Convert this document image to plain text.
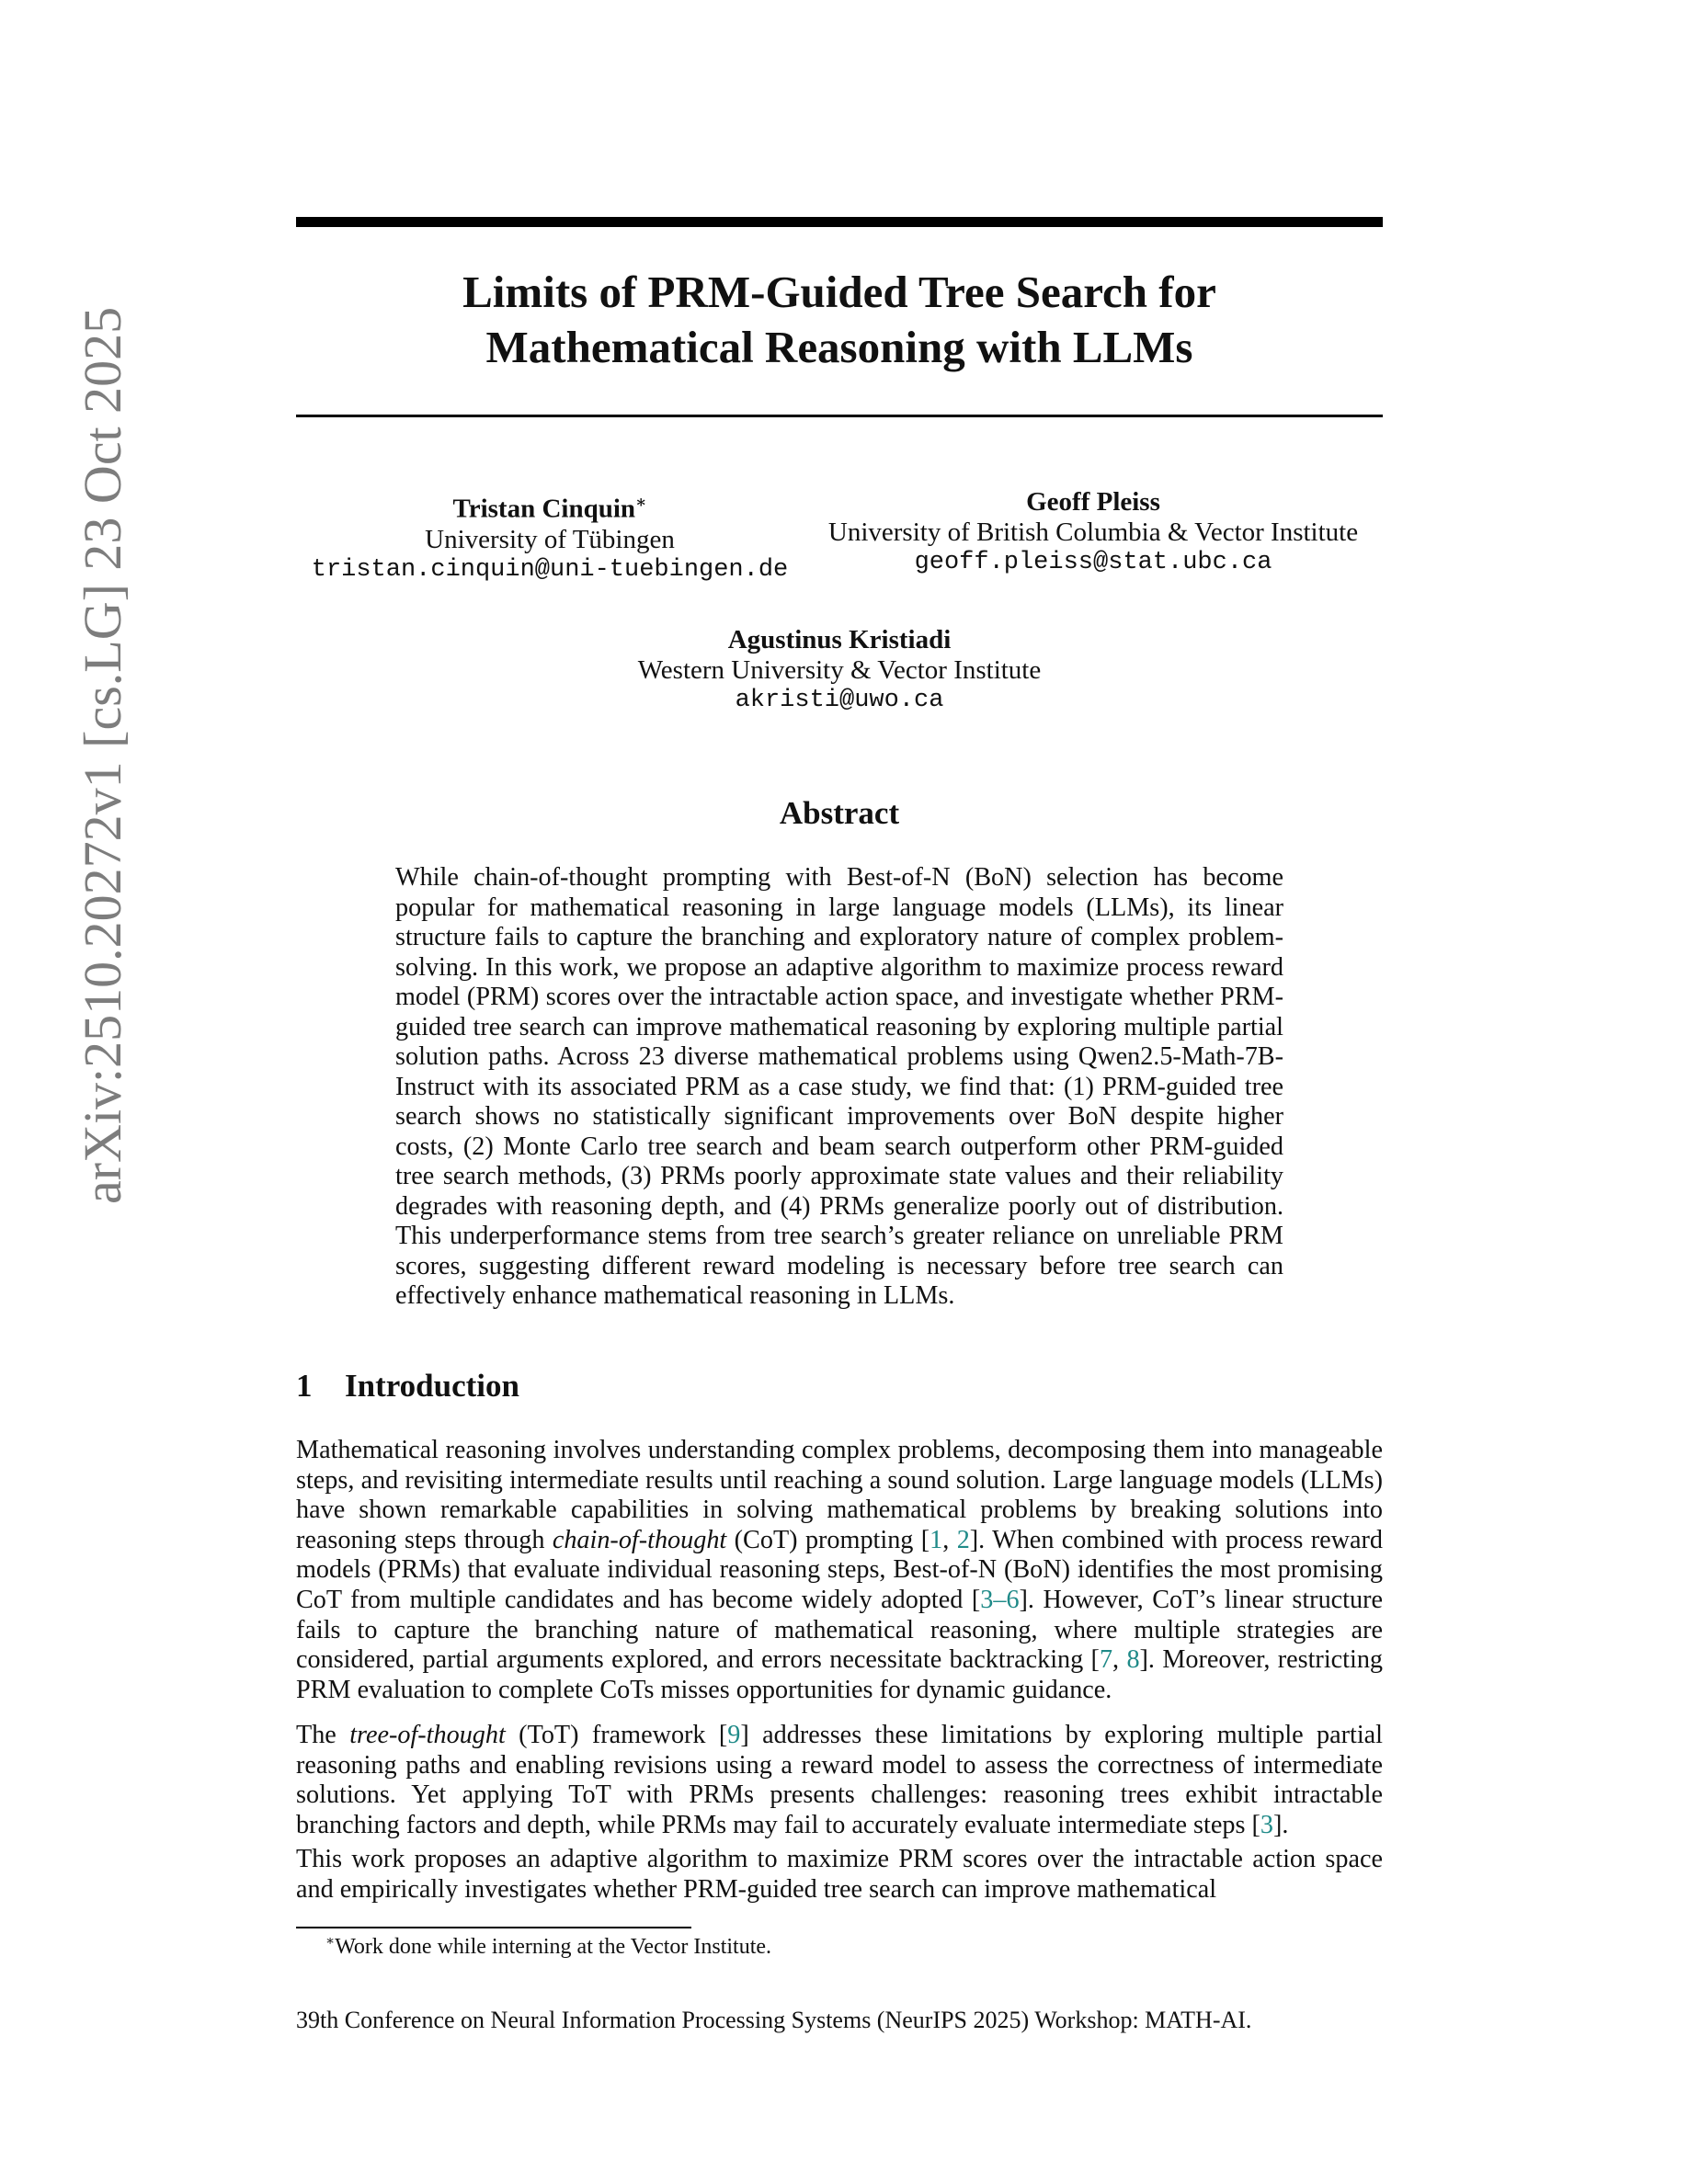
arXiv:2510.20272v1 [cs.LG] 23 Oct 2025
Limits of PRM-Guided Tree Search for
Mathematical Reasoning with LLMs
Tristan Cinquin∗
University of Tübingen
tristan.cinquin@uni-tuebingen.de
Geoff Pleiss
University of British Columbia & Vector Institute
geoff.pleiss@stat.ubc.ca
Agustinus Kristiadi
Western University & Vector Institute
akristi@uwo.ca
Abstract
While chain-of-thought prompting with Best-of-N (BoN) selection has become popular for mathematical reasoning in large language models (LLMs), its linear structure fails to capture the branching and exploratory nature of complex problem-solving. In this work, we propose an adaptive algorithm to maximize process reward model (PRM) scores over the intractable action space, and investigate whether PRM-guided tree search can improve mathematical reasoning by exploring multiple partial solution paths. Across 23 diverse mathematical problems using Qwen2.5-Math-7B-Instruct with its associated PRM as a case study, we find that: (1) PRM-guided tree search shows no statistically significant improvements over BoN despite higher costs, (2) Monte Carlo tree search and beam search outperform other PRM-guided tree search methods, (3) PRMs poorly approximate state values and their reliability degrades with reasoning depth, and (4) PRMs generalize poorly out of distribution. This underperformance stems from tree search’s greater reliance on unreliable PRM scores, suggesting different reward modeling is necessary before tree search can effectively enhance mathematical reasoning in LLMs.
1 Introduction
Mathematical reasoning involves understanding complex problems, decomposing them into manageable steps, and revisiting intermediate results until reaching a sound solution. Large language models (LLMs) have shown remarkable capabilities in solving mathematical problems by breaking solutions into reasoning steps through chain-of-thought (CoT) prompting [1, 2]. When combined with process reward models (PRMs) that evaluate individual reasoning steps, Best-of-N (BoN) identifies the most promising CoT from multiple candidates and has become widely adopted [3–6]. However, CoT’s linear structure fails to capture the branching nature of mathematical reasoning, where multiple strategies are considered, partial arguments explored, and errors necessitate backtracking [7, 8]. Moreover, restricting PRM evaluation to complete CoTs misses opportunities for dynamic guidance.
The tree-of-thought (ToT) framework [9] addresses these limitations by exploring multiple partial reasoning paths and enabling revisions using a reward model to assess the correctness of intermediate solutions. Yet applying ToT with PRMs presents challenges: reasoning trees exhibit intractable branching factors and depth, while PRMs may fail to accurately evaluate intermediate steps [3].
This work proposes an adaptive algorithm to maximize PRM scores over the intractable action space and empirically investigates whether PRM-guided tree search can improve mathematical
∗Work done while interning at the Vector Institute.
39th Conference on Neural Information Processing Systems (NeurIPS 2025) Workshop: MATH-AI.
